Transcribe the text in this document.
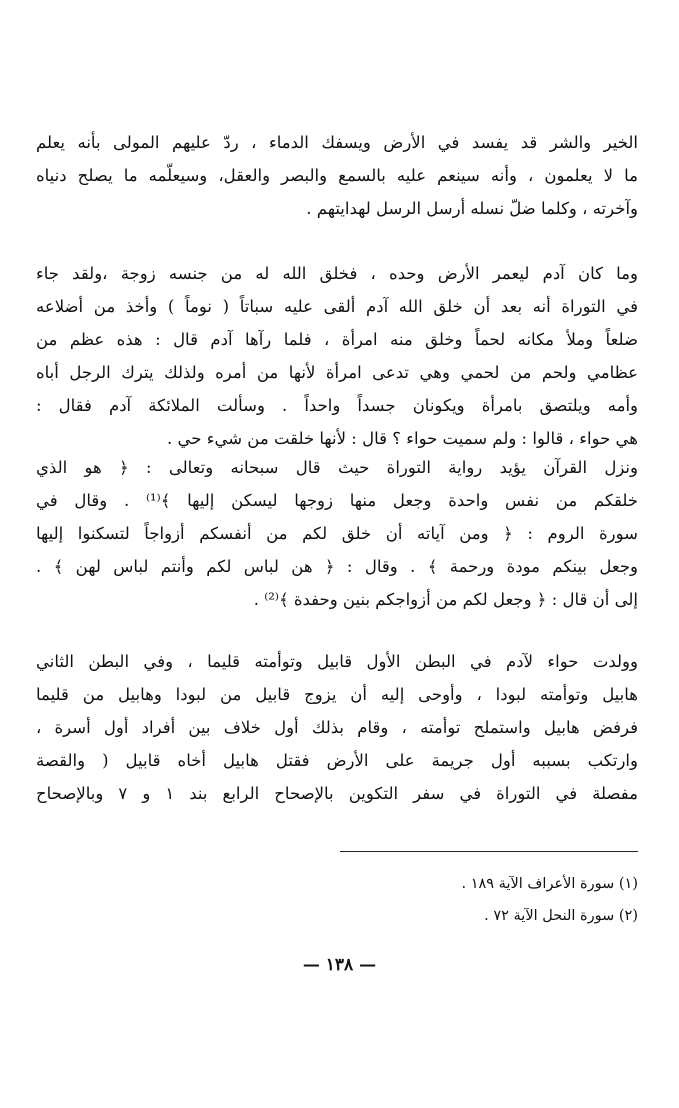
الخير والشر قد يفسد في الأرض ويسفك الدماء ، ردّ عليهم المولى بأنه يعلم
ما لا يعلمون ، وأنه سينعم عليه بالسمع والبصر والعقل، وسيعلّمه ما يصلح دنياه
وآخرته ، وكلما ضلّ نسله أرسل الرسل لهدايتهم .
وما كان آدم ليعمر الأرض وحده ، فخلق الله له من جنسه زوجة ،ولقد جاء
في التوراة أنه بعد أن خلق الله آدم ألقى عليه سباتاً ( نوماً ) وأخذ من أضلاعه
ضلعاً وملأ مكانه لحماً وخلق منه امرأة ، فلما رآها آدم قال : هذه عظم من
عظامي ولحم من لحمي وهي تدعى امرأة لأنها من أمره ولذلك يترك الرجل أباه
وأمه ويلتصق بامرأة ويكونان جسداً واحداً . وسألت الملائكة آدم فقال :
هي حواء ، قالوا : ولم سميت حواء ؟ قال : لأنها خلقت من شيء حي .
ونزل القرآن يؤيد رواية التوراة حيث قال سبحانه وتعالى : ﴿ هو الذي
خلقكم من نفس واحدة وجعل منها زوجها ليسكن إليها ﴾⁽¹⁾ . وقال في
سورة الروم : ﴿ ومن آياته أن خلق لكم من أنفسكم أزواجاً لتسكنوا إليها
وجعل بينكم مودة ورحمة ﴾ . وقال : ﴿ هن لباس لكم وأنتم لباس لهن ﴾ .
إلى أن قال : ﴿ وجعل لكم من أزواجكم بنين وحفدة ﴾⁽²⁾ .
وولدت حواء لآدم في البطن الأول قابيل وتوأمته قليما ، وفي البطن الثاني
هابيل وتوأمته لبودا ، وأوحى إليه أن يزوج قابيل من لبودا وهابيل من قليما
فرفض هابيل واستملح توأمته ، وقام بذلك أول خلاف بين أفراد أول أسرة ،
وارتكب بسببه أول جريمة على الأرض فقتل هابيل أخاه قابيل ( والقصة
مفصلة في التوراة في سفر التكوين بالإصحاح الرابع بند ١ و ٧ وبالإصحاح
(١) سورة الأعراف الآية ١٨٩ .
(٢) سورة النحل الآية ٧٢ .
— ١٣٨ —
